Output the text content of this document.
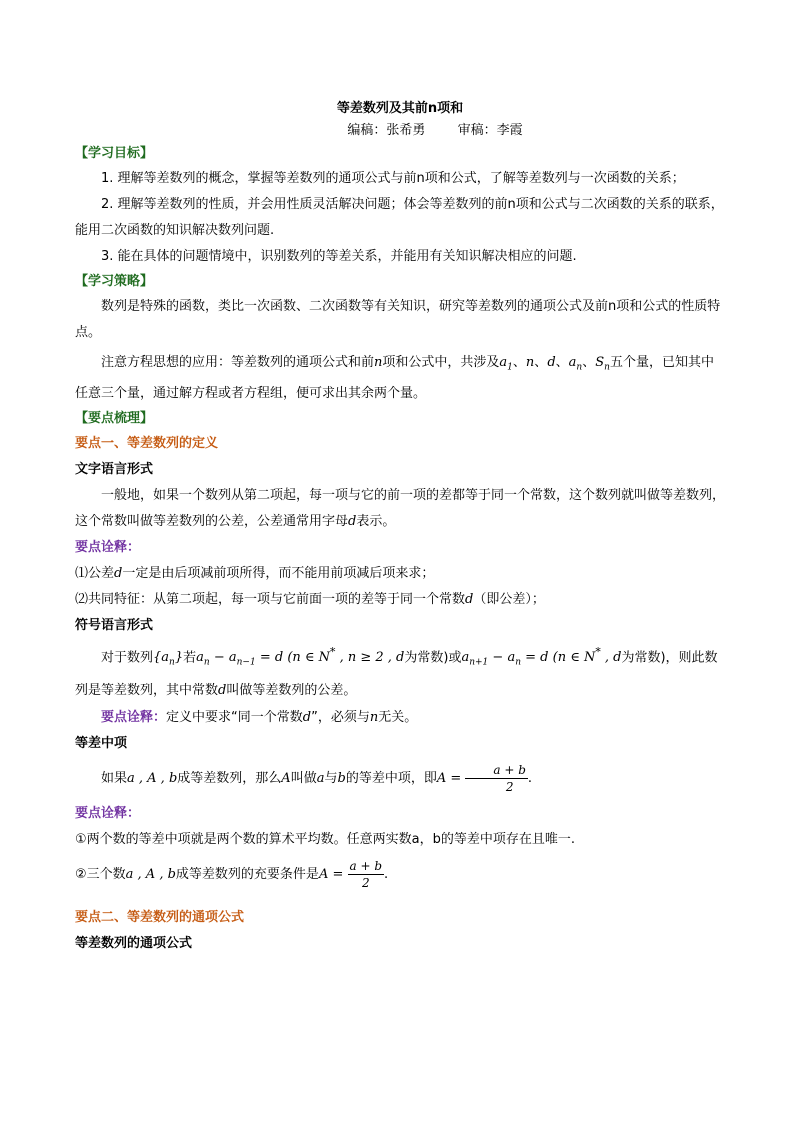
等差数列及其前n项和
编稿：张希勇 审稿：李霞
【学习目标】

1. 理解等差数列的概念，掌握等差数列的通项公式与前n项和公式，了解等差数列与一次函数的关系；

2. 理解等差数列的性质，并会用性质灵活解决问题；体会等差数列的前n项和公式与二次函数的关系的联系，能用二次函数的知识解决数列问题.

3. 能在具体的问题情境中，识别数列的等差关系，并能用有关知识解决相应的问题.

【学习策略】

数列是特殊的函数，类比一次函数、二次函数等有关知识，研究等差数列的通项公式及前n项和公式的性质特点。

注意方程思想的应用：等差数列的通项公式和前n项和公式中，共涉及$a_1$、n、d、$a_n$、$S_n$五个量，已知其中任意三个量，通过解方程或者方程组，便可求出其余两个量。

【要点梳理】
要点一、等差数列的定义
文字语言形式

一般地，如果一个数列从第二项起，每一项与它的前一项的差都等于同一个常数，这个数列就叫做等差数列，这个常数叫做等差数列的公差，公差通常用字母d表示。

要点诠释：

⑴公差d一定是由后项减前项所得，而不能用前项减后项来求；

⑵共同特征：从第二项起，每一项与它前面一项的差等于同一个常数d（即公差）；

符号语言形式

对于数列$\{a_n\}$若$a_n - a_{n-1} = d$ (n ∈ N* , n ≥ 2 , d为常数)或$a_{n+1} - a_n = d$ (n ∈ N* , d为常数)，则此数列是等差数列，其中常数d叫做等差数列的公差。

要点诠释：定义中要求“同一个常数d”，必须与n无关。

等差中项

如果a , A , b成等差数列，那么A叫做a与b的等差中项，即$A = \frac{a + b}{2}$ .

要点诠释：

①两个数的等差中项就是两个数的算术平均数。任意两实数a，b的等差中项存在且唯一.

②三个数a , A , b成等差数列的充要条件是$A = \frac{a + b}{2}$ .

要点二、等差数列的通项公式
等差数列的通项公式
